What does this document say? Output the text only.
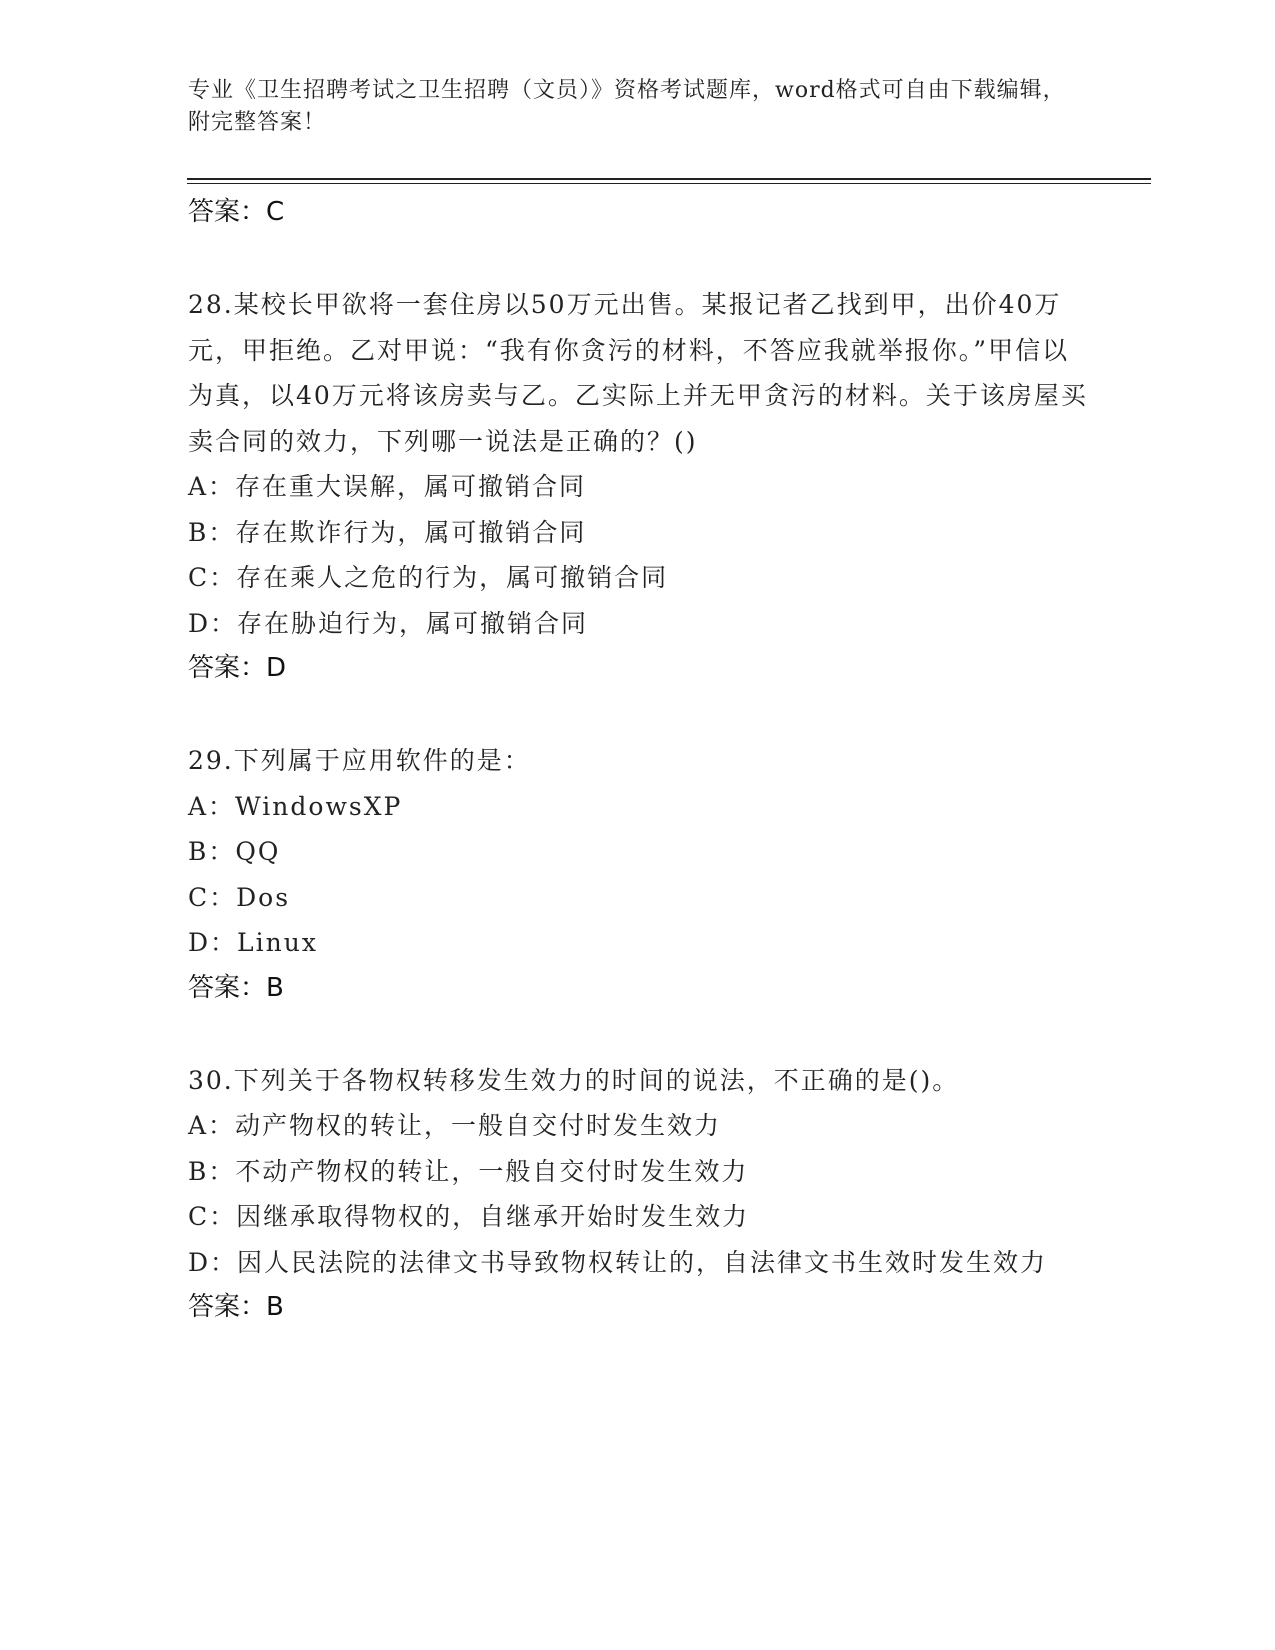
专业《卫生招聘考试之卫生招聘（文员）》资格考试题库，word格式可自由下载编辑，附完整答案！
答案：C
28.某校长甲欲将一套住房以50万元出售。某报记者乙找到甲，出价40万元，甲拒绝。乙对甲说：“我有你贪污的材料，不答应我就举报你。”甲信以为真，以40万元将该房卖与乙。乙实际上并无甲贪污的材料。关于该房屋买卖合同的效力，下列哪一说法是正确的？()
A：存在重大误解，属可撤销合同
B：存在欺诈行为，属可撤销合同
C：存在乘人之危的行为，属可撤销合同
D：存在胁迫行为，属可撤销合同
答案：D
29.下列属于应用软件的是：
A：WindowsXP
B：QQ
C：Dos
D：Linux
答案：B
30.下列关于各物权转移发生效力的时间的说法，不正确的是()。
A：动产物权的转让，一般自交付时发生效力
B：不动产物权的转让，一般自交付时发生效力
C：因继承取得物权的，自继承开始时发生效力
D：因人民法院的法律文书导致物权转让的，自法律文书生效时发生效力
答案：B
